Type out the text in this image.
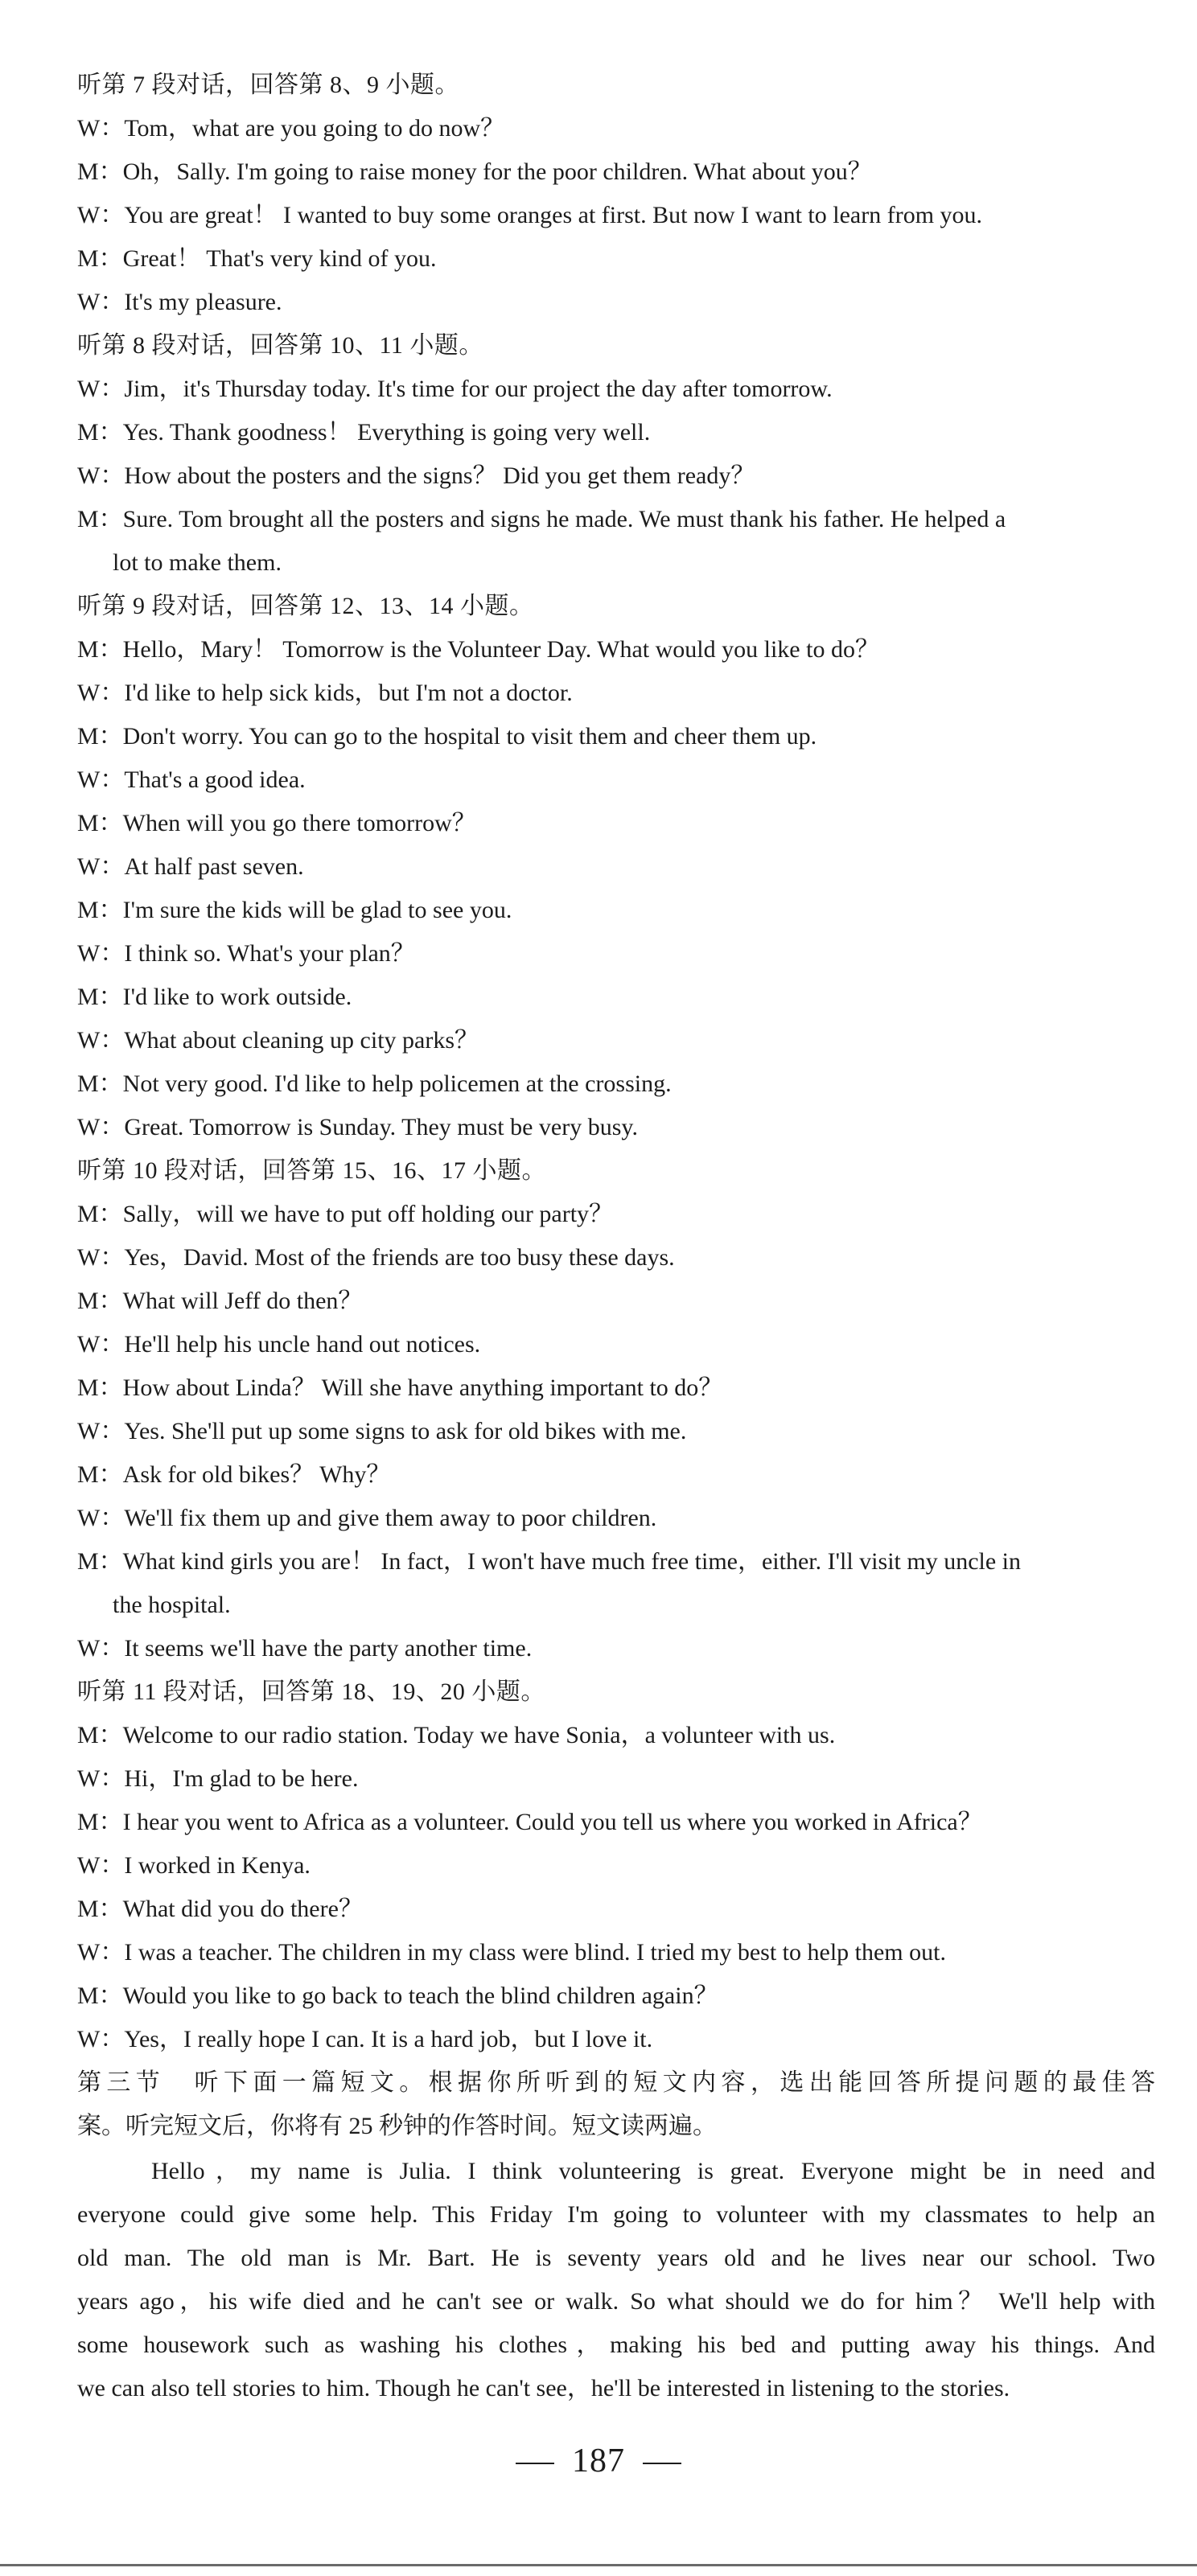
听第 7 段对话，回答第 8、9 小题。
W：Tom，what are you going to do now？
M：Oh，Sally. I'm going to raise money for the poor children. What about you？
W：You are great！ I wanted to buy some oranges at first. But now I want to learn from you.
M：Great！ That's very kind of you.
W：It's my pleasure.
听第 8 段对话，回答第 10、11 小题。
W：Jim，it's Thursday today. It's time for our project the day after tomorrow.
M：Yes. Thank goodness！ Everything is going very well.
W：How about the posters and the signs？ Did you get them ready？
M：Sure. Tom brought all the posters and signs he made. We must thank his father. He helped a
lot to make them.
听第 9 段对话，回答第 12、13、14 小题。
M：Hello，Mary！ Tomorrow is the Volunteer Day. What would you like to do？
W：I'd like to help sick kids，but I'm not a doctor.
M：Don't worry. You can go to the hospital to visit them and cheer them up.
W：That's a good idea.
M：When will you go there tomorrow？
W：At half past seven.
M：I'm sure the kids will be glad to see you.
W：I think so. What's your plan？
M：I'd like to work outside.
W：What about cleaning up city parks？
M：Not very good. I'd like to help policemen at the crossing.
W：Great. Tomorrow is Sunday. They must be very busy.
听第 10 段对话，回答第 15、16、17 小题。
M：Sally，will we have to put off holding our party？
W：Yes，David. Most of the friends are too busy these days.
M：What will Jeff do then？
W：He'll help his uncle hand out notices.
M：How about Linda？ Will she have anything important to do？
W：Yes. She'll put up some signs to ask for old bikes with me.
M：Ask for old bikes？ Why？
W：We'll fix them up and give them away to poor children.
M：What kind girls you are！ In fact，I won't have much free time，either. I'll visit my uncle in
the hospital.
W：It seems we'll have the party another time.
听第 11 段对话，回答第 18、19、20 小题。
M：Welcome to our radio station. Today we have Sonia，a volunteer with us.
W：Hi，I'm glad to be here.
M：I hear you went to Africa as a volunteer. Could you tell us where you worked in Africa？
W：I worked in Kenya.
M：What did you do there？
W：I was a teacher. The children in my class were blind. I tried my best to help them out.
M：Would you like to go back to teach the blind children again？
W：Yes，I really hope I can. It is a hard job，but I love it.
第三节　听下面一篇短文。根据你所听到的短文内容，选出能回答所提问题的最佳答
案。听完短文后，你将有 25 秒钟的作答时间。短文读两遍。
Hello，my name is Julia. I think volunteering is great. Everyone might be in need and
everyone could give some help. This Friday I'm going to volunteer with my classmates to help an
old man. The old man is Mr. Bart. He is seventy years old and he lives near our school. Two
years ago，his wife died and he can't see or walk. So what should we do for him？ We'll help with
some housework such as washing his clothes，making his bed and putting away his things. And
we can also tell stories to him. Though he can't see，he'll be interested in listening to the stories.
187
